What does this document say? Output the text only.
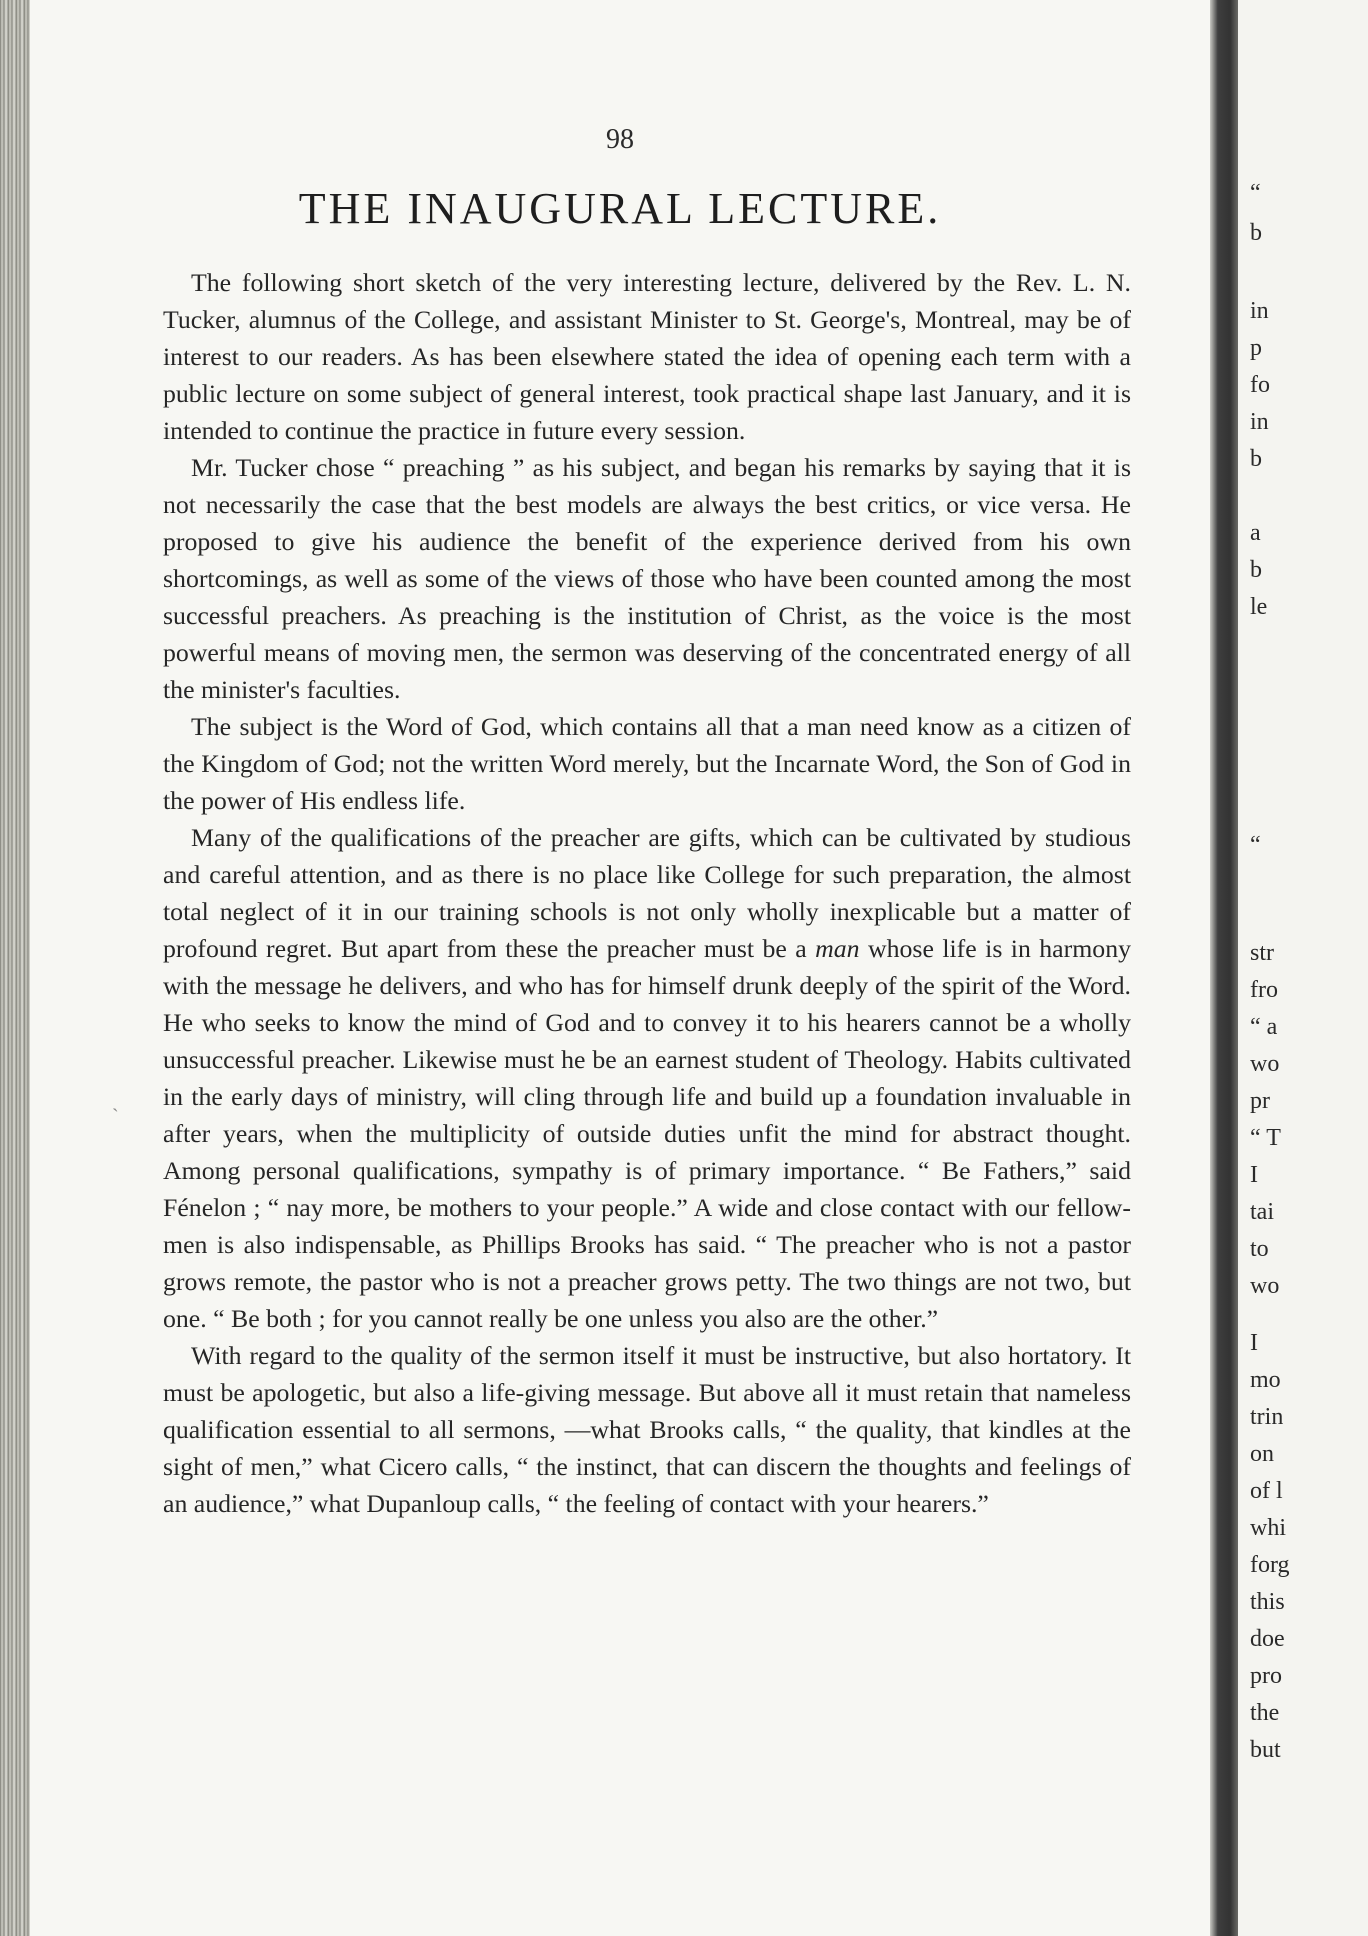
98
THE INAUGURAL LECTURE.

The following short sketch of the very interesting lecture, delivered by the Rev. L. N. Tucker, alumnus of the College, and assistant Minister to St. George's, Montreal, may be of interest to our readers. As has been elsewhere stated the idea of opening each term with a public lecture on some subject of general interest, took practical shape last January, and it is intended to continue the practice in future every session.

Mr. Tucker chose “ preaching ” as his subject, and began his remarks by saying that it is not necessarily the case that the best models are always the best critics, or vice versa. He proposed to give his audience the benefit of the experience derived from his own shortcomings, as well as some of the views of those who have been counted among the most successful preachers. As preaching is the institution of Christ, as the voice is the most powerful means of moving men, the sermon was deserving of the concentrated energy of all the minister's faculties.

The subject is the Word of God, which contains all that a man need know as a citizen of the Kingdom of God; not the written Word merely, but the Incarnate Word, the Son of God in the power of His endless life.

Many of the qualifications of the preacher are gifts, which can be cultivated by studious and careful attention, and as there is no place like College for such preparation, the almost total neglect of it in our training schools is not only wholly inexplicable but a matter of profound regret. But apart from these the preacher must be a man whose life is in harmony with the message he delivers, and who has for himself drunk deeply of the spirit of the Word. He who seeks to know the mind of God and to convey it to his hearers cannot be a wholly unsuccessful preacher. Likewise must he be an earnest student of Theology. Habits cultivated in the early days of ministry, will cling through life and build up a foundation invaluable in after years, when the multiplicity of outside duties unfit the mind for abstract thought. Among personal qualifications, sympathy is of primary importance. “ Be Fathers,” said Fénelon ; “ nay more, be mothers to your people.” A wide and close contact with our fellow-men is also indispensable, as Phillips Brooks has said. “ The preacher who is not a pastor grows remote, the pastor who is not a preacher grows petty. The two things are not two, but one. “ Be both ; for you cannot really be one unless you also are the other.”

With regard to the quality of the sermon itself it must be instructive, but also hortatory. It must be apologetic, but also a life-giving message. But above all it must retain that nameless qualification essential to all sermons, —what Brooks calls, “ the quality, that kindles at the sight of men,” what Cicero calls, “ the instinct, that can discern the thoughts and feelings of an audience,” what Dupanloup calls, “ the feeling of contact with your hearers.”

ˎ
“
b
in
p
fo
in
b
a
b
le
“
str
fro
“ a
wo
pr
“ T
I
tai
to
wo
I
mo
trin
on
of l
whi
forg
this
doe
pro
the
but
